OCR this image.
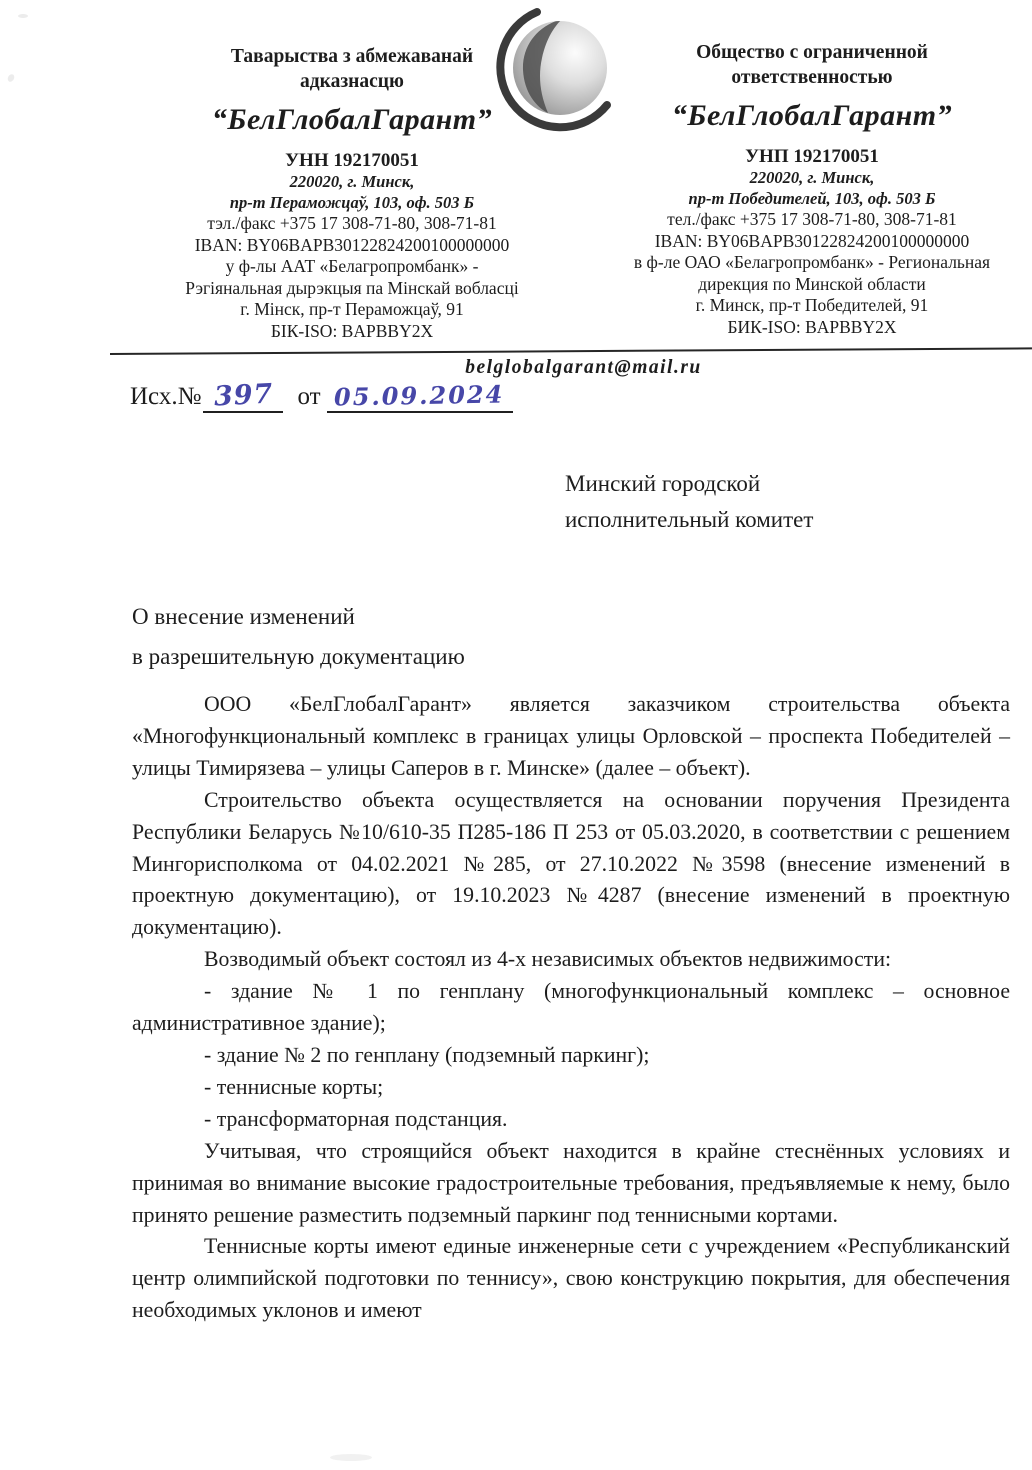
Таварыства з абмежаванай
адказнасцю
“БелГлобалГарант”
УНН 192170051
220020, г. Минск,
пр-т Пераможцаў, 103, оф. 503 Б
тэл./факс +375 17 308-71-80, 308-71-81
IBAN: BY06BAPB30122824200100000000
у ф-лы ААТ «Белагропромбанк» -
Рэгіянальная дырэкцыя па Мінскай вобласці
г. Мінск, пр-т Пераможцаў, 91
БІК-ISO: BAPBBY2X
Общество с ограниченной
ответственностью
“БелГлобалГарант”
УНП 192170051
220020, г. Минск,
пр-т Победителей, 103, оф. 503 Б
тел./факс +375 17 308-71-80, 308-71-81
IBAN: BY06BAPB30122824200100000000
в ф-ле ОАО «Белагропромбанк» - Региональная
дирекция по Минской области
г. Минск, пр-т Победителей, 91
БИК-ISO: BAPBBY2X
belglobalgarant@mail.ru
Исх.№ 397 от 05.09.2024
Минский городской
исполнительный комитет
О внесение изменений
в разрешительную документацию

ООО «БелГлобалГарант» является заказчиком строительства объекта «Многофункциональный комплекс в границах улицы Орловской – проспекта Победителей – улицы Тимирязева – улицы Саперов в г. Минске» (далее – объект).

Строительство объекта осуществляется на основании поручения Президента Республики Беларусь №10/610-35 П285-186 П 253 от 05.03.2020, в соответствии с решением Мингорисполкома от 04.02.2021 №285, от 27.10.2022 №3598 (внесение изменений в проектную документацию), от 19.10.2023 №4287 (внесение изменений в проектную документацию).

Возводимый объект состоял из 4-х независимых объектов недвижимости:

- здание № 1 по генплану (многофункциональный комплекс – основное административное здание);

- здание № 2 по генплану (подземный паркинг);

- теннисные корты;

- трансформаторная подстанция.

Учитывая, что строящийся объект находится в крайне стеснённых условиях и принимая во внимание высокие градостроительные требования, предъявляемые к нему, было принято решение разместить подземный паркинг под теннисными кортами.

Теннисные корты имеют единые инженерные сети с учреждением «Республиканский центр олимпийской подготовки по теннису», свою конструкцию покрытия, для обеспечения необходимых уклонов и имеют
